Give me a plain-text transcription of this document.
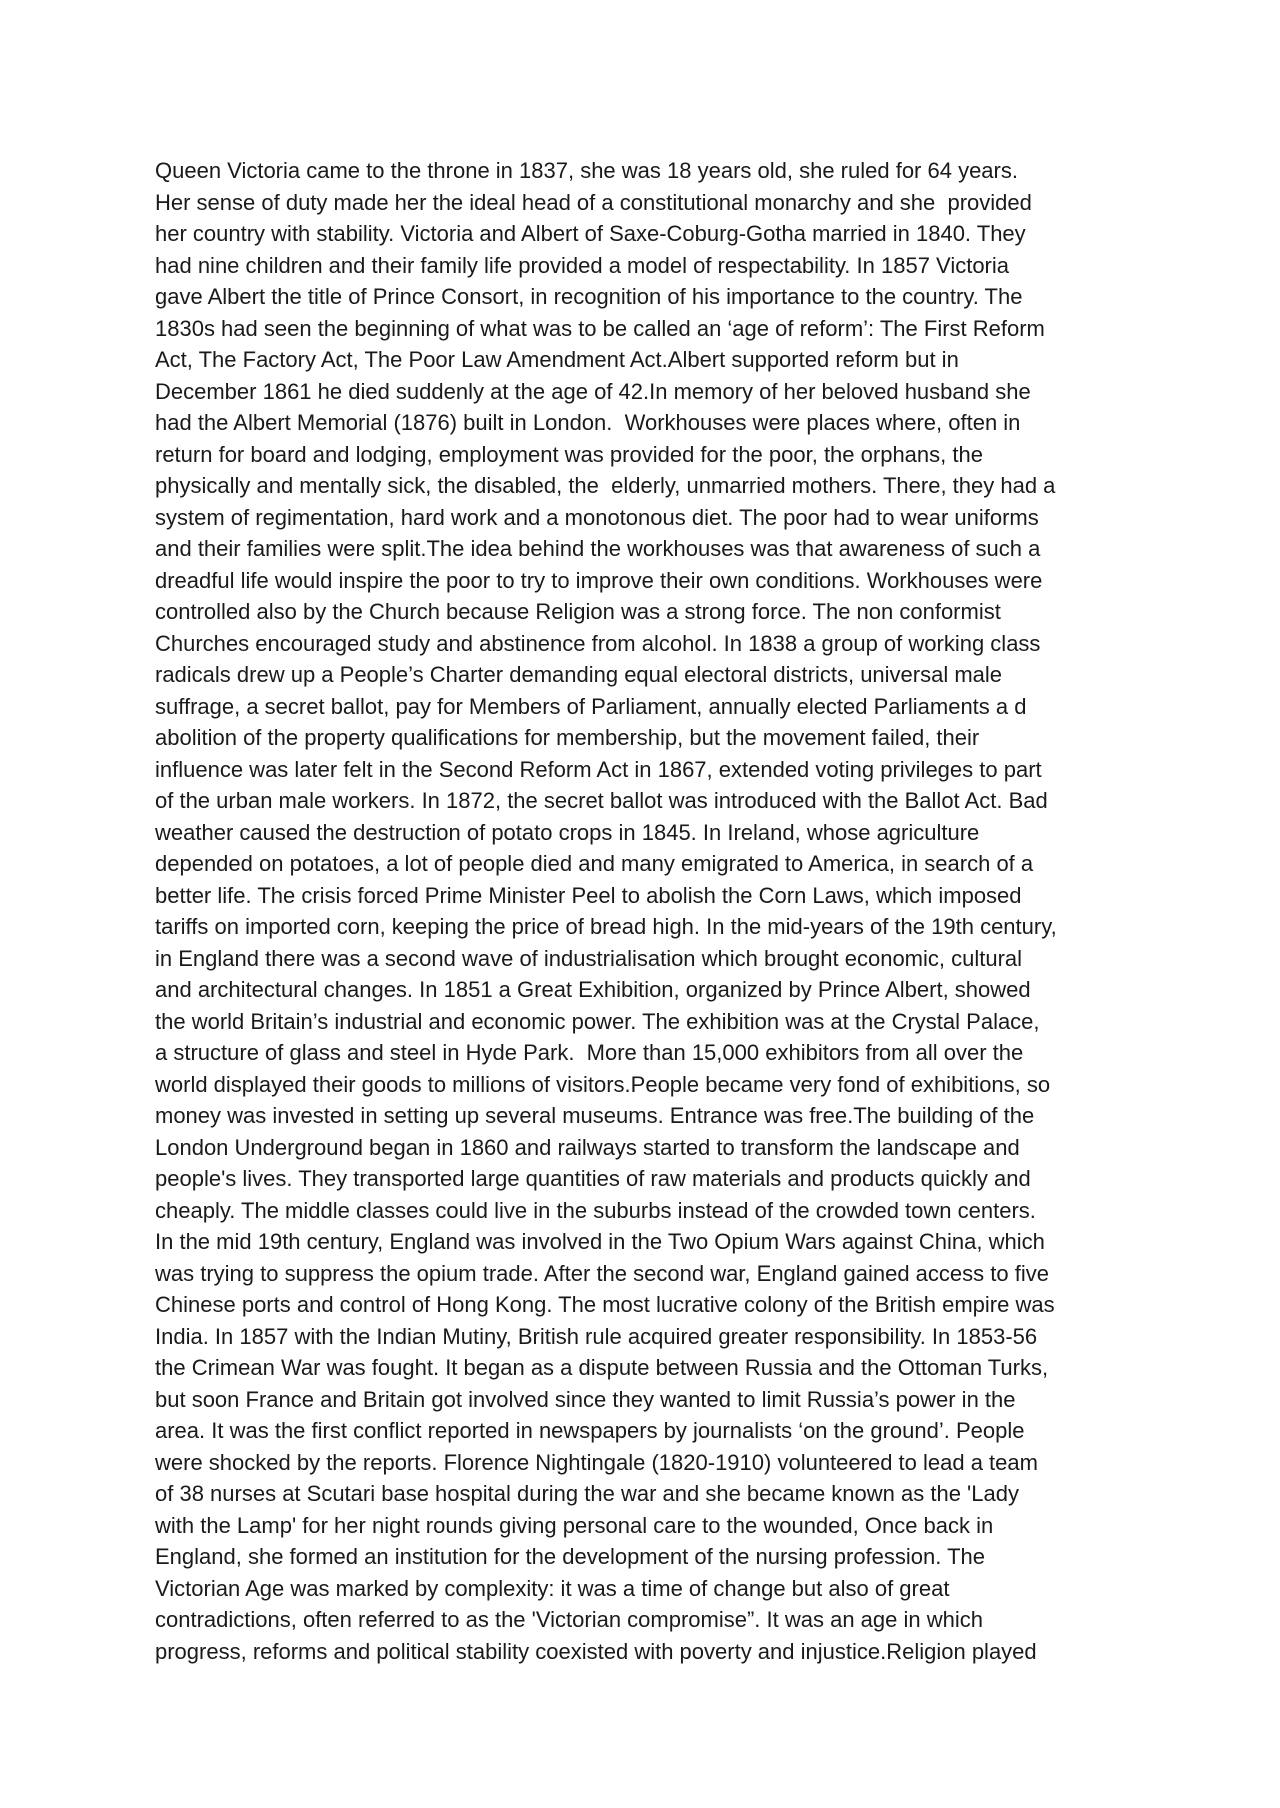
Queen Victoria came to the throne in 1837, she was 18 years old, she ruled for 64 years.
Her sense of duty made her the ideal head of a constitutional monarchy and she  provided
her country with stability. Victoria and Albert of Saxe-Coburg-Gotha married in 1840. They
had nine children and their family life provided a model of respectability. In 1857 Victoria
gave Albert the title of Prince Consort, in recognition of his importance to the country. The
1830s had seen the beginning of what was to be called an ‘age of reform’: The First Reform
Act, The Factory Act, The Poor Law Amendment Act.Albert supported reform but in
December 1861 he died suddenly at the age of 42.In memory of her beloved husband she
had the Albert Memorial (1876) built in London.  Workhouses were places where, often in
return for board and lodging, employment was provided for the poor, the orphans, the
physically and mentally sick, the disabled, the  elderly, unmarried mothers. There, they had a
system of regimentation, hard work and a monotonous diet. The poor had to wear uniforms
and their families were split.The idea behind the workhouses was that awareness of such a
dreadful life would inspire the poor to try to improve their own conditions. Workhouses were
controlled also by the Church because Religion was a strong force. The non conformist
Churches encouraged study and abstinence from alcohol. In 1838 a group of working class
radicals drew up a People’s Charter demanding equal electoral districts, universal male
suffrage, a secret ballot, pay for Members of Parliament, annually elected Parliaments a d
abolition of the property qualifications for membership, but the movement failed, their
influence was later felt in the Second Reform Act in 1867, extended voting privileges to part
of the urban male workers. In 1872, the secret ballot was introduced with the Ballot Act. Bad
weather caused the destruction of potato crops in 1845. In Ireland, whose agriculture
depended on potatoes, a lot of people died and many emigrated to America, in search of a
better life. The crisis forced Prime Minister Peel to abolish the Corn Laws, which imposed
tariffs on imported corn, keeping the price of bread high. In the mid-years of the 19th century,
in England there was a second wave of industrialisation which brought economic, cultural
and architectural changes. In 1851 a Great Exhibition, organized by Prince Albert, showed
the world Britain’s industrial and economic power. The exhibition was at the Crystal Palace,
a structure of glass and steel in Hyde Park.  More than 15,000 exhibitors from all over the
world displayed their goods to millions of visitors.People became very fond of exhibitions, so
money was invested in setting up several museums. Entrance was free.The building of the
London Underground began in 1860 and railways started to transform the landscape and
people's lives. They transported large quantities of raw materials and products quickly and
cheaply. The middle classes could live in the suburbs instead of the crowded town centers.
In the mid 19th century, England was involved in the Two Opium Wars against China, which
was trying to suppress the opium trade. After the second war, England gained access to five
Chinese ports and control of Hong Kong. The most lucrative colony of the British empire was
India. In 1857 with the Indian Mutiny, British rule acquired greater responsibility. In 1853-56
the Crimean War was fought. It began as a dispute between Russia and the Ottoman Turks,
but soon France and Britain got involved since they wanted to limit Russia’s power in the
area. It was the first conflict reported in newspapers by journalists ‘on the ground’. People
were shocked by the reports. Florence Nightingale (1820-1910) volunteered to lead a team
of 38 nurses at Scutari base hospital during the war and she became known as the 'Lady
with the Lamp' for her night rounds giving personal care to the wounded, Once back in
England, she formed an institution for the development of the nursing profession. The
Victorian Age was marked by complexity: it was a time of change but also of great
contradictions, often referred to as the 'Victorian compromise”. It was an age in which
progress, reforms and political stability coexisted with poverty and injustice.Religion played
